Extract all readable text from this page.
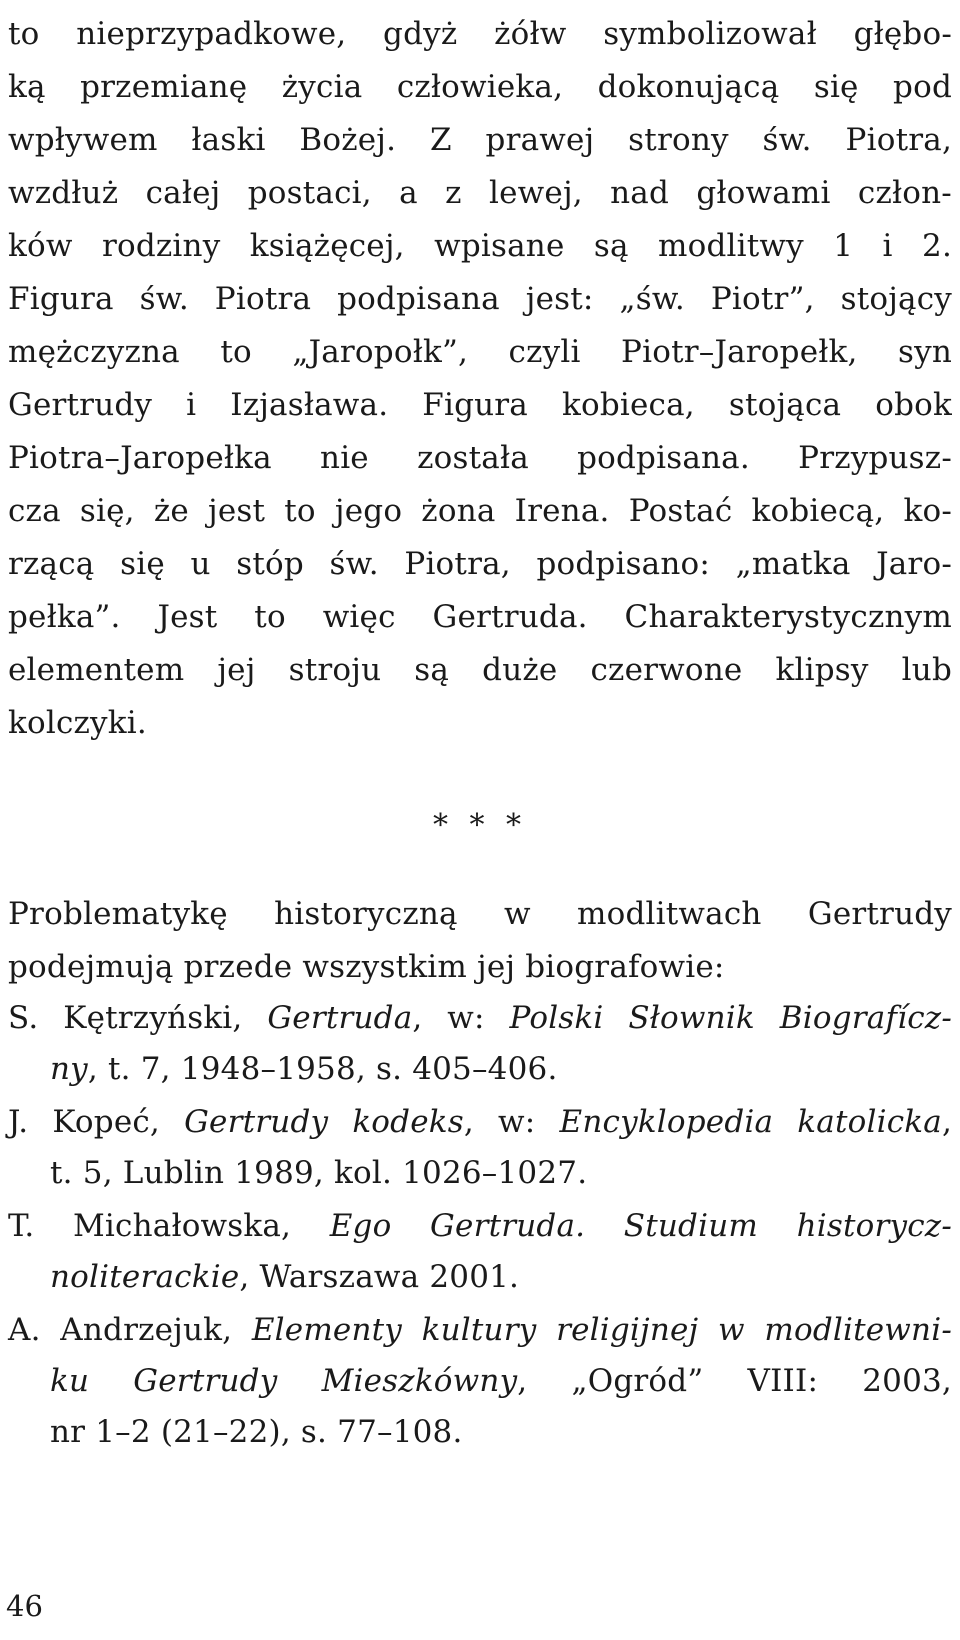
to nieprzypadkowe, gdyż żółw symbolizował głębo-
ką przemianę życia człowieka, dokonującą się pod
wpływem łaski Bożej. Z prawej strony św. Piotra,
wzdłuż całej postaci, a z lewej, nad głowami człon-
ków rodziny książęcej, wpisane są modlitwy 1 i 2.
Figura św. Piotra podpisana jest: „św. Piotr”, stojący
mężczyzna to „Jaropołk”, czyli Piotr–Jaropełk, syn
Gertrudy i Izjasława. Figura kobieca, stojąca obok
Piotra–Jaropełka nie została podpisana. Przypusz-
cza się, że jest to jego żona Irena. Postać kobiecą, ko-
rzącą się u stóp św. Piotra, podpisano: „matka Jaro-
pełka”. Jest to więc Gertruda. Charakterystycznym
elementem jej stroju są duże czerwone klipsy lub
kolczyki.
* * *
Problematykę historyczną w modlitwach Gertrudy
podejmują przede wszystkim jej biografowie:
S. Kętrzyński, Gertruda, w: Polski Słownik Biografícz-
ny, t. 7, 1948–1958, s. 405–406.
J. Kopeć, Gertrudy kodeks, w: Encyklopedia katolicka,
t. 5, Lublin 1989, kol. 1026–1027.
T. Michałowska, Ego Gertruda. Studium historycz-
noliterackie, Warszawa 2001.
A. Andrzejuk, Elementy kultury religijnej w modlitewni-
ku Gertrudy Mieszkówny, „Ogród” VIII: 2003,
nr 1–2 (21–22), s. 77–108.
46
